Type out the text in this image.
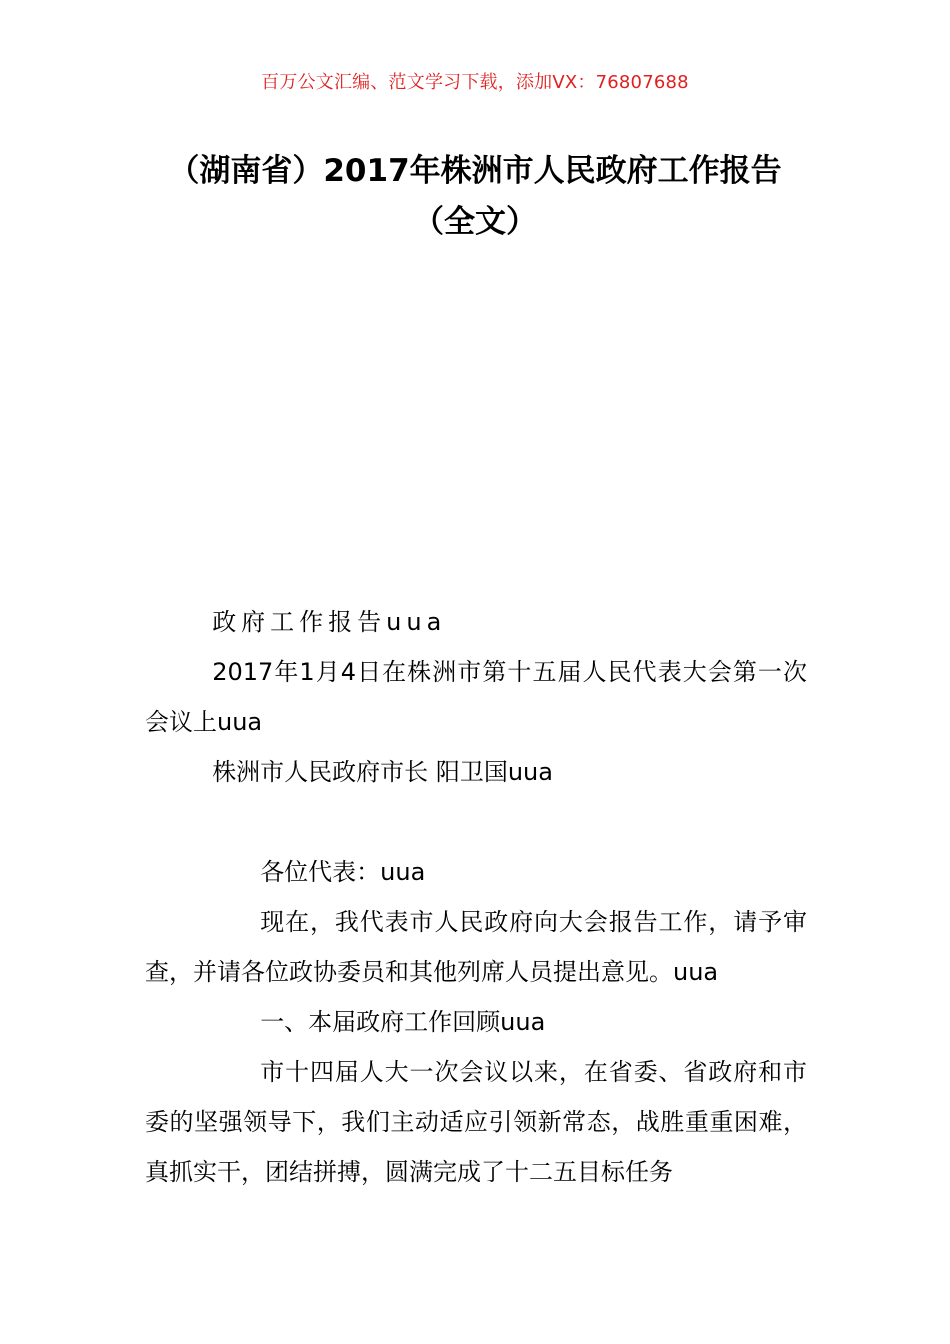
百万公文汇编、范文学习下载，添加VX：76807688
（湖南省）2017年株洲市人民政府工作报告（全文）

政府工作报告uua

2017年1月4日在株洲市第十五届人民代表大会第一次会议上uua

株洲市人民政府市长 阳卫国uua

各位代表：uua

现在，我代表市人民政府向大会报告工作，请予审查，并请各位政协委员和其他列席人员提出意见。uua

一、本届政府工作回顾uua

市十四届人大一次会议以来，在省委、省政府和市委的坚强领导下，我们主动适应引领新常态，战胜重重困难，真抓实干，团结拼搏，圆满完成了十二五目标任务
